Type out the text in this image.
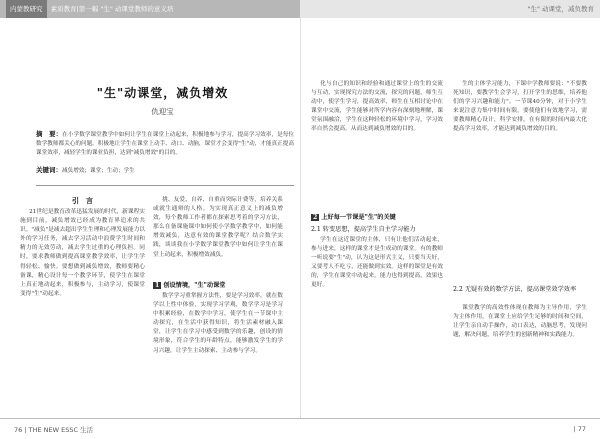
内蒙教研究 素质教育|第一幅 "生" 动课堂教师的意义培	"生" 动课堂，减负教育
"生"动课堂，减负增效
仇迎宝
摘　要：在小学数学课堂教学中如何让学生在课堂上动起来，积极地参与学习，提高学习效率，是每位数学教师都关心的问题。积极地让学生在课堂上动手、动口、动脑，课堂才会变得"生"动，才能真正提高课堂效率，减轻学生的课业负担，达到"减负增效"的目的。
关键词：减负增效；课堂；生动；学生
引　言
21世纪是教育改革迅猛发展的时代，新课程实施到目前，减负增效已经成为教育界追求的共识。"减负"是减去超出学生生理和心理发展能力以外的学习任务，减去学习活动中浪费学生时间和精力的无效劳动，减去学生过重的心理负担。同时，要求教师做到提高课堂教学效率，让学生学得轻松、愉快。要想做到减负增效，教师要精心备课，精心设计每一个教学环节，使学生在课堂上真正地动起来，积极参与，主动学习，使课堂变得"生"动起来。
挑、友爱、自养、自重而突际计费等，培养关系或就生通辩的人格。为实现真正意义上的减负增效，每个教师工作者都在探索思考着的学习方法，那么在备课施课中如何使小学数学教学中，如何能增效减负，达意有效的课堂教学呢？结合数学实践，谈谈我在小学数学课堂教学中如何让学生在课堂上动起来，积极增效减负。
1 创设情境，"生"动课堂
数学学习重掌握方法性，要是学习效率，就在数学以上性中体验，实现学习学观，数学学习是学习中积累经验，在数学中学习，使学生在一节课中主动探究，在生活中获得知识，将生活素材融入课堂，让学生在学习中感受到数学的乐趣，创设的情境形象，符合学生的年龄特点，能够激发学生的学习兴趣，让学生主动探索、主动参与学习。
化与自己的知识和经验和通过课堂上的生的交流与互动，实现探究方法的交流，探究的问题，师生互动中，使学生学习，提高效率，师生在互相讨论中在课堂中交流，学生能够对所学内容有深刻地理解，课堂氛围融洽，学生在这种轻松的环境中学习，学习效率自然会提高，从而达到减负增效的目的。
2 上好每一节课是"生"的关键
2.1 转变思想，提高学生自主学习能力
学生在这近课堂的主体，只有让他们活动起来，参与进来，这样的课堂才是生成动的课堂。有的教师一听说要"生"动，认为这是形式主义，只要当天好，又要考人不吃亏，还能做到实效。这样的课堂是有效的，学生在课堂中动起来，能力也得到提高，效果也更好。
生的主体学习能力，下课中学教师要说："不要教死知识，要教学生会学习，打开学生的思维，培养他们的学习兴趣和能力"。一节课40分钟，对于小学生来说注意力集中时间有限，要使他们有效地学习，需要教师精心设计，科学安排，在有限的时间内最大化提高学习效率，才能达到减负增效的目的。
2.2 无疑有效的数学方法，提高课堂效学效率
课堂教学的高效性体现在教师为主导作用，学生为主体作用，在课堂上应给学生足够的时间和空间，让学生亲自动手操作，动口表达，动脑思考，发现问题，解决问题，培养学生的创新精神和实践能力。
76 | THE NEW ESSC 生活	| 77
